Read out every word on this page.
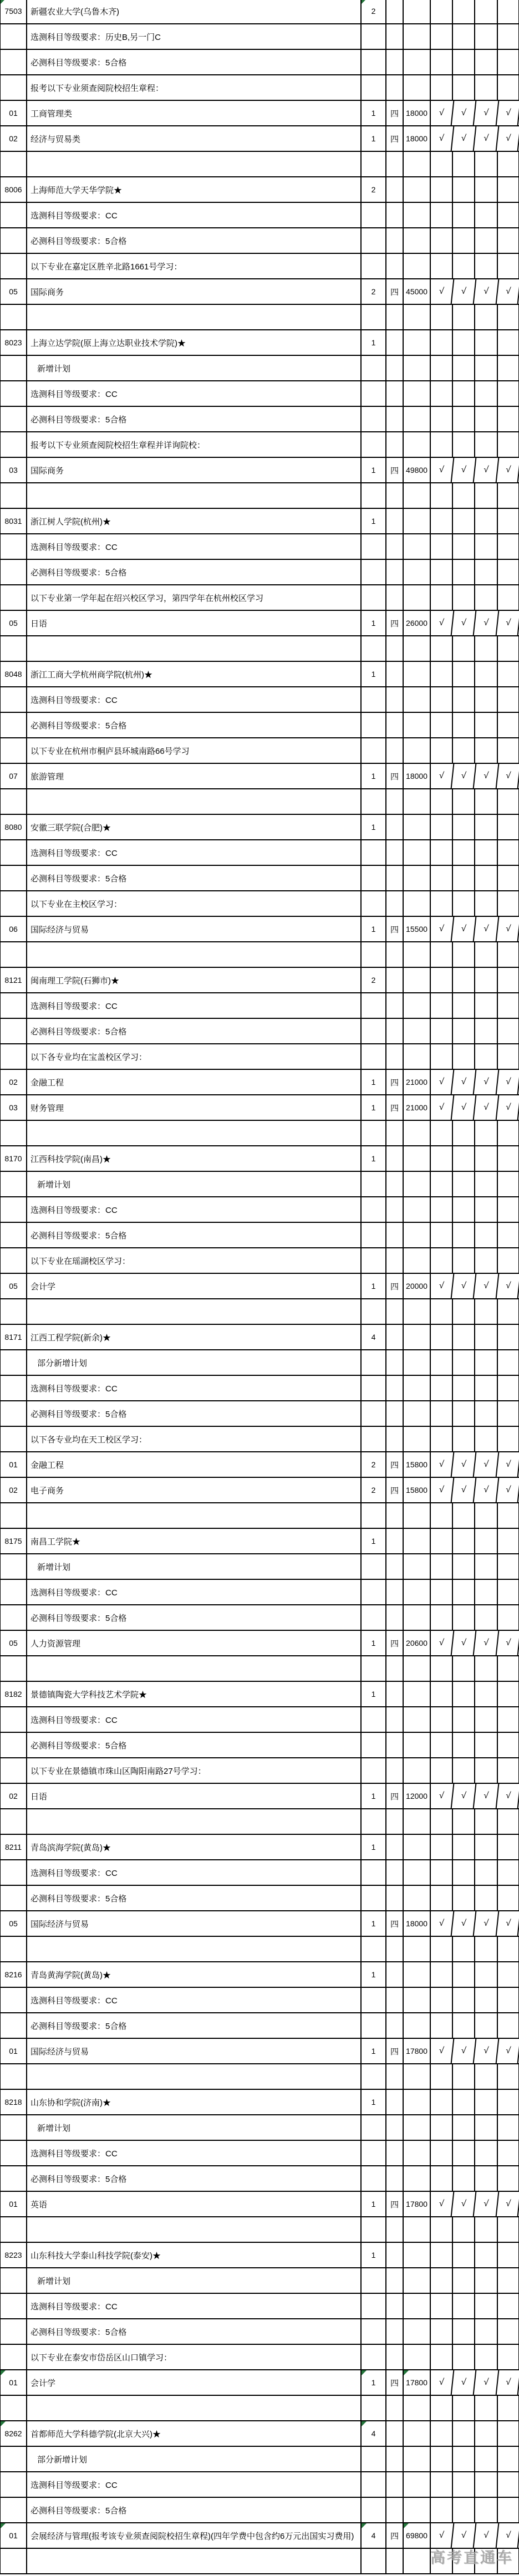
7503	新疆农业大学(乌鲁木齐)	2
选测科目等级要求：历史B,另一门C
必测科目等级要求：5合格
报考以下专业须查阅院校招生章程：
01	工商管理类	1	四 18000	√	√	√	√
02	经济与贸易类	1	四 18000	√	√	√	√
8006	上海师范大学天华学院★	2
选测科目等级要求：CC
必测科目等级要求：5合格
以下专业在嘉定区胜辛北路1661号学习：
05	国际商务	2	四 45000	√	√	√	√
8023	上海立达学院(原上海立达职业技术学院)★	1
新增计划
选测科目等级要求：CC
必测科目等级要求：5合格
报考以下专业须查阅院校招生章程并详询院校：
03	国际商务	1	四 49800	√	√	√	√
8031	浙江树人学院(杭州)★	1
选测科目等级要求：CC
必测科目等级要求：5合格
以下专业第一学年起在绍兴校区学习，第四学年在杭州校区学习
05	日语	1	四 26000	√	√	√	√
8048	浙江工商大学杭州商学院(杭州)★	1
选测科目等级要求：CC
必测科目等级要求：5合格
以下专业在杭州市桐庐县环城南路66号学习
07	旅游管理	1	四 18000	√	√	√	√
8080	安徽三联学院(合肥)★	1
选测科目等级要求：CC
必测科目等级要求：5合格
以下专业在主校区学习：
06	国际经济与贸易	1	四 15500	√	√	√	√
8121	闽南理工学院(石狮市)★	2
选测科目等级要求：CC
必测科目等级要求：5合格
以下各专业均在宝盖校区学习：
02	金融工程	1	四 21000	√	√	√	√
03	财务管理	1	四 21000	√	√	√	√
8170	江西科技学院(南昌)★	1
新增计划
选测科目等级要求：CC
必测科目等级要求：5合格
以下专业在瑶湖校区学习：
05	会计学	1	四 20000	√	√	√	√
8171	江西工程学院(新余)★	4
部分新增计划
选测科目等级要求：CC
必测科目等级要求：5合格
以下各专业均在天工校区学习：
01	金融工程	2	四 15800	√	√	√	√
02	电子商务	2	四 15800	√	√	√	√
8175	南昌工学院★	1
新增计划
选测科目等级要求：CC
必测科目等级要求：5合格
05	人力资源管理	1	四 20600	√	√	√	√
8182	景德镇陶瓷大学科技艺术学院★	1
选测科目等级要求：CC
必测科目等级要求：5合格
以下专业在景德镇市珠山区陶阳南路27号学习：
02	日语	1	四 12000	√	√	√	√
8211	青岛滨海学院(黄岛)★	1
选测科目等级要求：CC
必测科目等级要求：5合格
05	国际经济与贸易	1	四 18000	√	√	√	√
8216	青岛黄海学院(黄岛)★	1
选测科目等级要求：CC
必测科目等级要求：5合格
01	国际经济与贸易	1	四 17800	√	√	√	√
8218	山东协和学院(济南)★	1
新增计划
选测科目等级要求：CC
必测科目等级要求：5合格
01	英语	1	四 17800	√	√	√	√
8223	山东科技大学泰山科技学院(泰安)★	1
新增计划
选测科目等级要求：CC
必测科目等级要求：5合格
以下专业在泰安市岱岳区山口镇学习：
01	会计学	1	四 17800	√	√	√	√
8262	首都师范大学科德学院(北京大兴)★	4
部分新增计划
选测科目等级要求：CC
必测科目等级要求：5合格
01	会展经济与管理(报考该专业须查阅院校招生章程)(四年学费中包含约6万元出国实习费用)	4	四 69800	√	√	√	√
高考直通车
